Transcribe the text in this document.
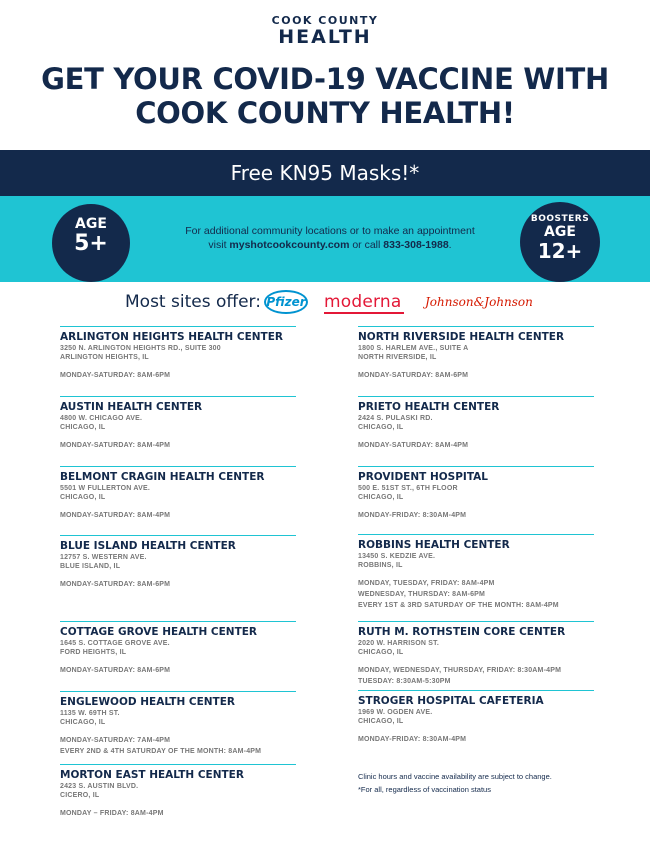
COOK COUNTY
HEALTH
GET YOUR COVID-19 VACCINE WITH
COOK COUNTY HEALTH!
Free KN95 Masks!*
AGE
5+	For additional community locations or to make an appointment
visit myshotcookcounty.com or call 833-308-1988.
BOOSTERS
AGE
12+
Most sites offer: Pfizer moderna Johnson&Johnson
ARLINGTON HEIGHTS HEALTH CENTER
3250 N. ARLINGTON HEIGHTS RD., SUITE 300
ARLINGTON HEIGHTS, IL
MONDAY-SATURDAY: 8AM-6PM
AUSTIN HEALTH CENTER
4800 W. CHICAGO AVE.
CHICAGO, IL
MONDAY-SATURDAY: 8AM-4PM
BELMONT CRAGIN HEALTH CENTER
5501 W FULLERTON AVE.
CHICAGO, IL
MONDAY-SATURDAY: 8AM-4PM
BLUE ISLAND HEALTH CENTER
12757 S. WESTERN AVE.
BLUE ISLAND, IL
MONDAY-SATURDAY: 8AM-6PM
COTTAGE GROVE HEALTH CENTER
1645 S. COTTAGE GROVE AVE.
FORD HEIGHTS, IL
MONDAY-SATURDAY: 8AM-6PM
ENGLEWOOD HEALTH CENTER
1135 W. 69TH ST.
CHICAGO, IL
MONDAY-SATURDAY: 7AM-4PM
EVERY 2ND & 4TH SATURDAY OF THE MONTH: 8AM-4PM
MORTON EAST HEALTH CENTER
2423 S. AUSTIN BLVD.
CICERO, IL
MONDAY – FRIDAY: 8AM-4PM
NORTH RIVERSIDE HEALTH CENTER
1800 S. HARLEM AVE., SUITE A
NORTH RIVERSIDE, IL
MONDAY-SATURDAY: 8AM-6PM
PRIETO HEALTH CENTER
2424 S. PULASKI RD.
CHICAGO, IL
MONDAY-SATURDAY: 8AM-4PM
PROVIDENT HOSPITAL
500 E. 51ST ST., 6TH FLOOR
CHICAGO, IL
MONDAY-FRIDAY: 8:30AM-4PM
ROBBINS HEALTH CENTER
13450 S. KEDZIE AVE.
ROBBINS, IL
MONDAY, TUESDAY, FRIDAY: 8AM-4PM
WEDNESDAY, THURSDAY: 8AM-6PM
EVERY 1ST & 3RD SATURDAY OF THE MONTH: 8AM-4PM
RUTH M. ROTHSTEIN CORE CENTER
2020 W. HARRISON ST.
CHICAGO, IL
MONDAY, WEDNESDAY, THURSDAY, FRIDAY: 8:30AM-4PM
TUESDAY: 8:30AM-5:30PM
STROGER HOSPITAL CAFETERIA
1969 W. OGDEN AVE.
CHICAGO, IL
MONDAY-FRIDAY: 8:30AM-4PM
Clinic hours and vaccine availability are subject to change.
*For all, regardless of vaccination status
